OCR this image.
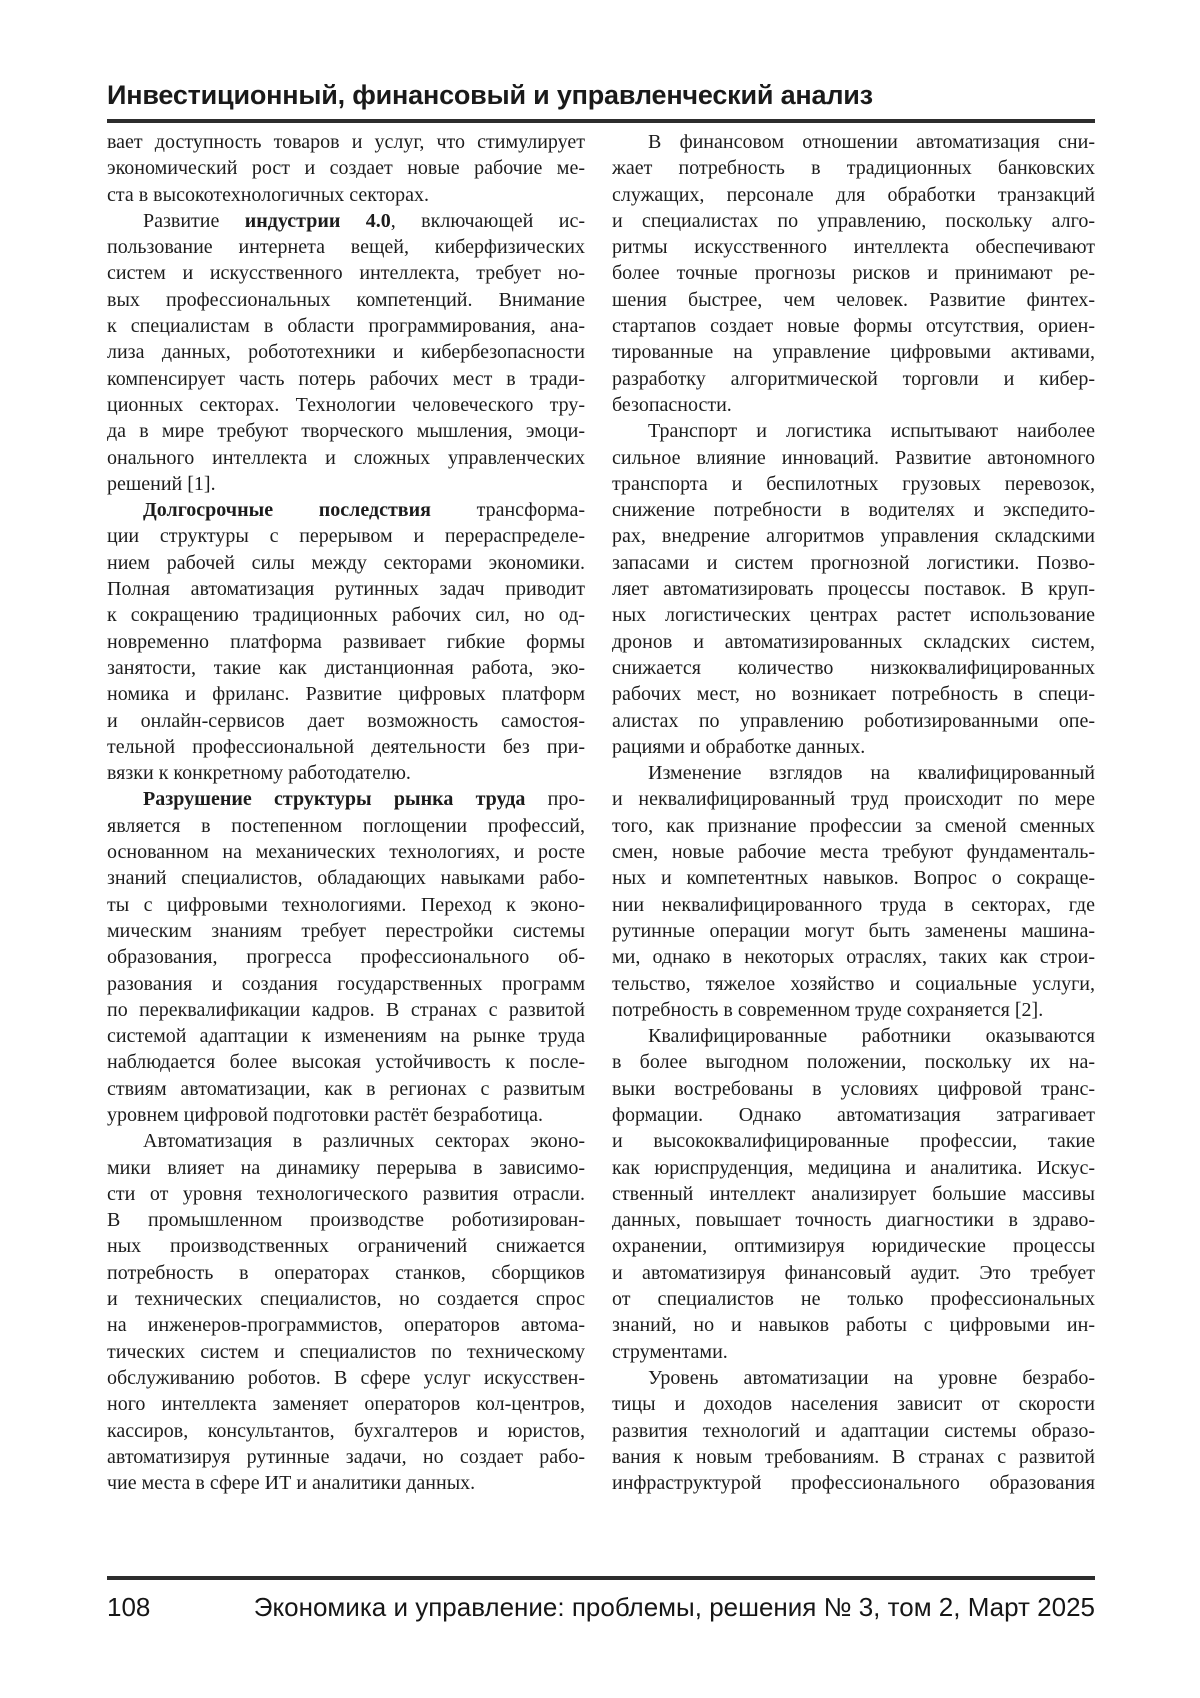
Инвестиционный, финансовый и управленческий анализ
вает доступность товаров и услуг, что стимулирует
экономический рост и создает новые рабочие ме-
ста в высокотехнологичных секторах.
Развитие индустрии 4.0, включающей ис-
пользование интернета вещей, киберфизических
систем и искусственного интеллекта, требует но-
вых профессиональных компетенций. Внимание
к специалистам в области программирования, ана-
лиза данных, робототехники и кибербезопасности
компенсирует часть потерь рабочих мест в тради-
ционных секторах. Технологии человеческого тру-
да в мире требуют творческого мышления, эмоци-
онального интеллекта и сложных управленческих
решений [1].
Долгосрочные последствия трансформа-
ции структуры с перерывом и перераспределе-
нием рабочей силы между секторами экономики.
Полная автоматизация рутинных задач приводит
к сокращению традиционных рабочих сил, но од-
новременно платформа развивает гибкие формы
занятости, такие как дистанционная работа, эко-
номика и фриланс. Развитие цифровых платформ
и онлайн-сервисов дает возможность самостоя-
тельной профессиональной деятельности без при-
вязки к конкретному работодателю.
Разрушение структуры рынка труда про-
является в постепенном поглощении профессий,
основанном на механических технологиях, и росте
знаний специалистов, обладающих навыками рабо-
ты с цифровыми технологиями. Переход к эконо-
мическим знаниям требует перестройки системы
образования, прогресса профессионального об-
разования и создания государственных программ
по переквалификации кадров. В странах с развитой
системой адаптации к изменениям на рынке труда
наблюдается более высокая устойчивость к после-
ствиям автоматизации, как в регионах с развитым
уровнем цифровой подготовки растёт безработица.
Автоматизация в различных секторах эконо-
мики влияет на динамику перерыва в зависимо-
сти от уровня технологического развития отрасли.
В промышленном производстве роботизирован-
ных производственных ограничений снижается
потребность в операторах станков, сборщиков
и технических специалистов, но создается спрос
на инженеров-программистов, операторов автома-
тических систем и специалистов по техническому
обслуживанию роботов. В сфере услуг искусствен-
ного интеллекта заменяет операторов кол-центров,
кассиров, консультантов, бухгалтеров и юристов,
автоматизируя рутинные задачи, но создает рабо-
чие места в сфере ИТ и аналитики данных.
В финансовом отношении автоматизация сни-
жает потребность в традиционных банковских
служащих, персонале для обработки транзакций
и специалистах по управлению, поскольку алго-
ритмы искусственного интеллекта обеспечивают
более точные прогнозы рисков и принимают ре-
шения быстрее, чем человек. Развитие финтех-
стартапов создает новые формы отсутствия, ориен-
тированные на управление цифровыми активами,
разработку алгоритмической торговли и кибер-
безопасности.
Транспорт и логистика испытывают наиболее
сильное влияние инноваций. Развитие автономного
транспорта и беспилотных грузовых перевозок,
снижение потребности в водителях и экспедито-
рах, внедрение алгоритмов управления складскими
запасами и систем прогнозной логистики. Позво-
ляет автоматизировать процессы поставок. В круп-
ных логистических центрах растет использование
дронов и автоматизированных складских систем,
снижается количество низкоквалифицированных
рабочих мест, но возникает потребность в специ-
алистах по управлению роботизированными опе-
рациями и обработке данных.
Изменение взглядов на квалифицированный
и неквалифицированный труд происходит по мере
того, как признание профессии за сменой сменных
смен, новые рабочие места требуют фундаменталь-
ных и компетентных навыков. Вопрос о сокраще-
нии неквалифицированного труда в секторах, где
рутинные операции могут быть заменены машина-
ми, однако в некоторых отраслях, таких как строи-
тельство, тяжелое хозяйство и социальные услуги,
потребность в современном труде сохраняется [2].
Квалифицированные работники оказываются
в более выгодном положении, поскольку их на-
выки востребованы в условиях цифровой транс-
формации. Однако автоматизация затрагивает
и высококвалифицированные профессии, такие
как юриспруденция, медицина и аналитика. Искус-
ственный интеллект анализирует большие массивы
данных, повышает точность диагностики в здраво-
охранении, оптимизируя юридические процессы
и автоматизируя финансовый аудит. Это требует
от специалистов не только профессиональных
знаний, но и навыков работы с цифровыми ин-
струментами.
Уровень автоматизации на уровне безрабо-
тицы и доходов населения зависит от скорости
развития технологий и адаптации системы образо-
вания к новым требованиям. В странах с развитой
инфраструктурой профессионального образования
108	Экономика и управление: проблемы, решения № 3, том 2, Март 2025
